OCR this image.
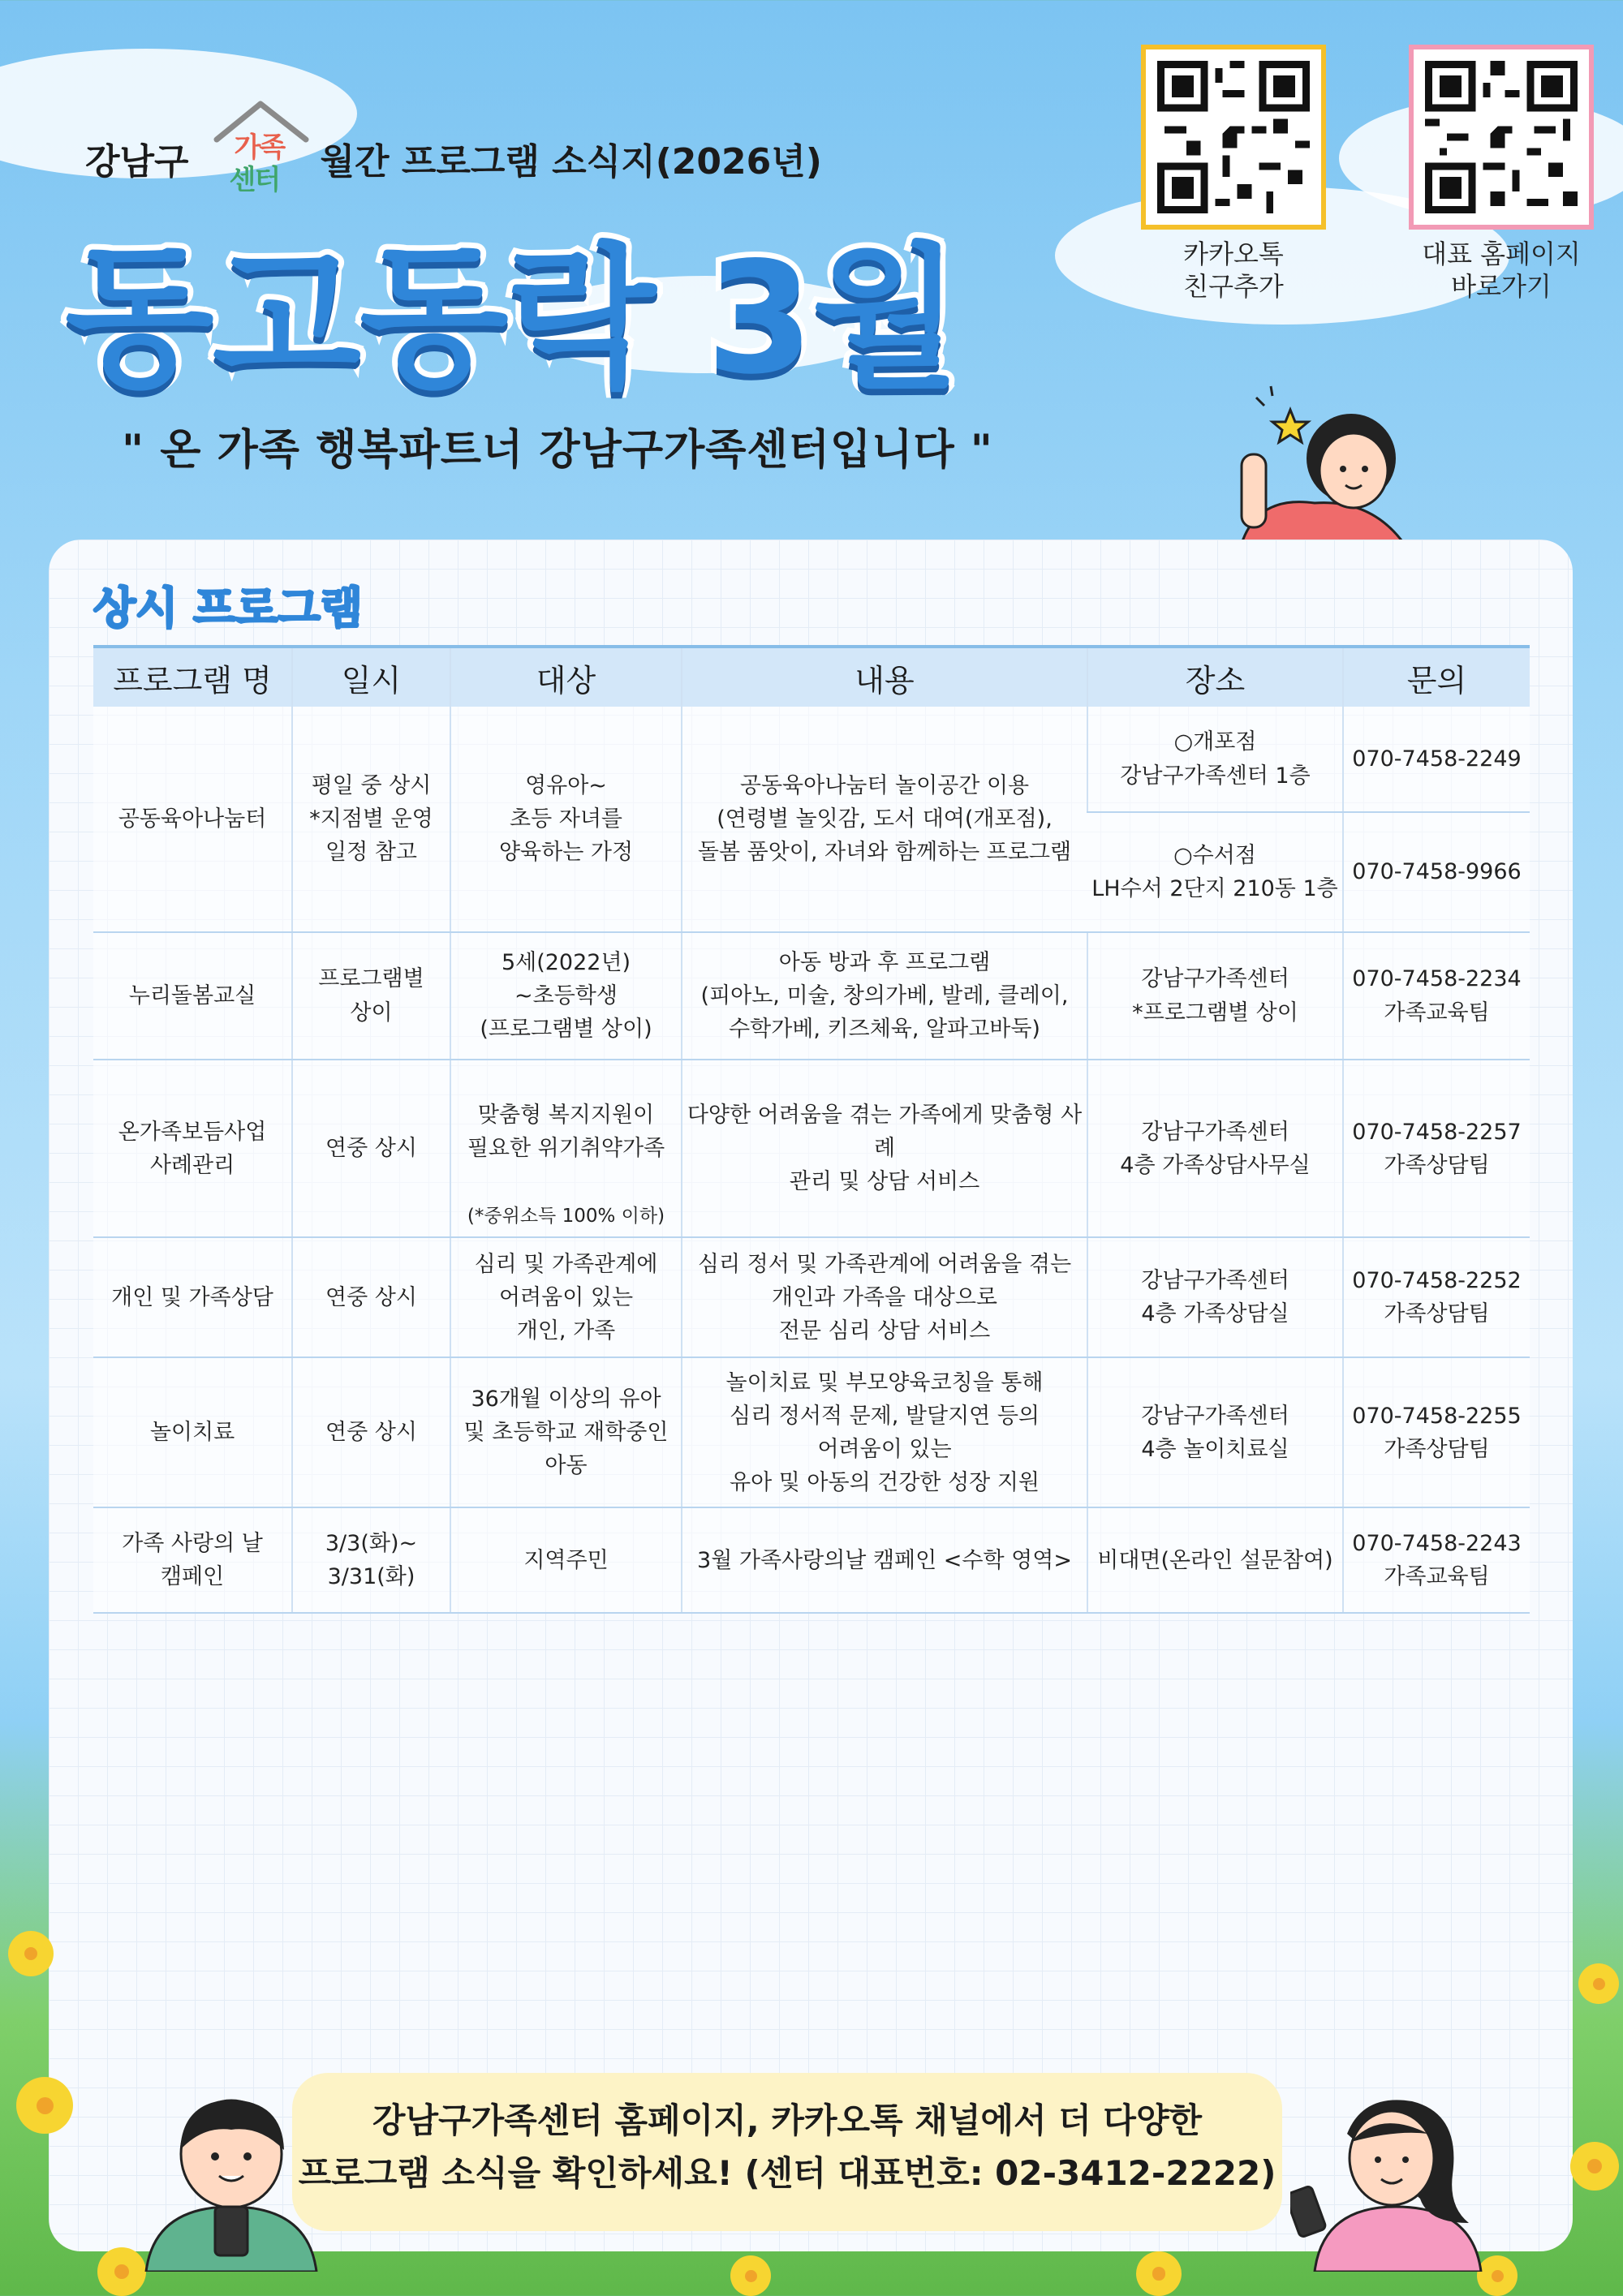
강남구 가족
센터 월간 프로그램 소식지(2026년)
동고동락 3월
" 온 가족 행복파트너 강남구가족센터입니다 "
카카오톡
친구추가
대표 홈페이지
바로가기
상시 프로그램
프로그램 명	일시	대상	내용	장소	문의
공동육아나눔터	평일 중 상시
*지점별 운영
일정 참고	영유아~
초등 자녀를
양육하는 가정	공동육아나눔터 놀이공간 이용
(연령별 놀잇감, 도서 대여(개포점),
돌봄 품앗이, 자녀와 함께하는 프로그램	○개포점
강남구가족센터 1층	070-7458-2249
				○수서점
LH수서 2단지 210동 1층	070-7458-9966
누리돌봄교실	프로그램별
상이	5세(2022년)
~초등학생
(프로그램별 상이)	아동 방과 후 프로그램
(피아노, 미술, 창의가베, 발레, 클레이,
수학가베, 키즈체육, 알파고바둑)	강남구가족센터
*프로그램별 상이	070-7458-2234
가족교육팀
온가족보듬사업
사례관리	연중 상시	맞춤형 복지지원이
필요한 위기취약가족

(*중위소득 100% 이하)	다양한 어려움을 겪는 가족에게 맞춤형 사례
관리 및 상담 서비스	강남구가족센터
4층 가족상담사무실	070-7458-2257
가족상담팀
개인 및 가족상담	연중 상시	심리 및 가족관계에
어려움이 있는
개인, 가족	심리 정서 및 가족관계에 어려움을 겪는
개인과 가족을 대상으로
전문 심리 상담 서비스	강남구가족센터
4층 가족상담실	070-7458-2252
가족상담팀
놀이치료	연중 상시	36개월 이상의 유아
및 초등학교 재학중인
아동	놀이치료 및 부모양육코칭을 통해
심리 정서적 문제, 발달지연 등의
어려움이 있는
유아 및 아동의 건강한 성장 지원	강남구가족센터
4층 놀이치료실	070-7458-2255
가족상담팀
가족 사랑의 날
캠페인	3/3(화)~
3/31(화)	지역주민	3월 가족사랑의날 캠페인 <수학 영역>	비대면(온라인 설문참여)	070-7458-2243
가족교육팀
강남구가족센터 홈페이지, 카카오톡 채널에서 더 다양한
프로그램 소식을 확인하세요! (센터 대표번호: 02-3412-2222)
